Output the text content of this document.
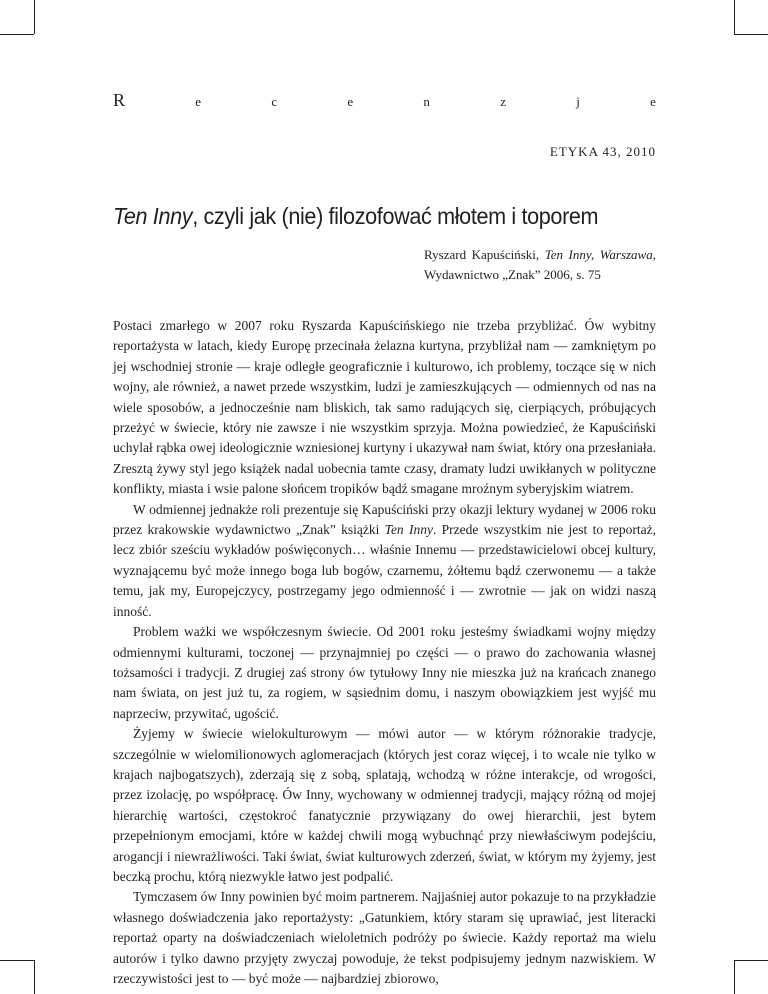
R	e	c	e	n	z	j	e
ETYKA 43, 2010
Ten Inny, czyli jak (nie) filozofować młotem i toporem
Ryszard Kapuściński, Ten Inny, Warszawa, Wydawnictwo „Znak” 2006, s. 75

Postaci zmarłego w 2007 roku Ryszarda Kapuścińskiego nie trzeba przybliżać. Ów wybitny reportażysta w latach, kiedy Europę przecinała żelazna kurtyna, przybliżał nam — zamkniętym po jej wschodniej stronie — kraje odległe geograficznie i kulturowo, ich problemy, toczące się w nich wojny, ale również, a nawet przede wszystkim, ludzi je zamieszkujących — odmiennych od nas na wiele sposobów, a jednocześnie nam bliskich, tak samo radujących się, cierpiących, próbujących przeżyć w świecie, który nie zawsze i nie wszystkim sprzyja. Można powiedzieć, że Kapuściński uchylał rąbka owej ideologicznie wzniesionej kurtyny i ukazywał nam świat, który ona przesłaniała. Zresztą żywy styl jego książek nadal uobecnia tamte czasy, dramaty ludzi uwikłanych w polityczne konflikty, miasta i wsie palone słońcem tropików bądź smagane mroźnym syberyjskim wiatrem.

W odmiennej jednakże roli prezentuje się Kapuściński przy okazji lektury wydanej w 2006 roku przez krakowskie wydawnictwo „Znak” książki Ten Inny. Przede wszystkim nie jest to reportaż, lecz zbiór sześciu wykładów poświęconych… właśnie Innemu — przedstawicielowi obcej kultury, wyznającemu być może innego boga lub bogów, czarnemu, żółtemu bądź czerwonemu — a także temu, jak my, Europejczycy, postrzegamy jego odmienność i — zwrotnie — jak on widzi naszą inność.

Problem ważki we współczesnym świecie. Od 2001 roku jesteśmy świadkami wojny między odmiennymi kulturami, toczonej — przynajmniej po części — o prawo do zachowania własnej tożsamości i tradycji. Z drugiej zaś strony ów tytułowy Inny nie mieszka już na krańcach znanego nam świata, on jest już tu, za rogiem, w sąsiednim domu, i naszym obowiązkiem jest wyjść mu naprzeciw, przywitać, ugościć.

Żyjemy w świecie wielokulturowym — mówi autor — w którym różnorakie tradycje, szczególnie w wielomilionowych aglomeracjach (których jest coraz więcej, i to wcale nie tylko w krajach najbogatszych), zderzają się z sobą, splatają, wchodzą w różne interakcje, od wrogości, przez izolację, po współpracę. Ów Inny, wychowany w odmiennej tradycji, mający różną od mojej hierarchię wartości, częstokroć fanatycznie przywiązany do owej hierarchii, jest bytem przepełnionym emocjami, które w każdej chwili mogą wybuchnąć przy niewłaściwym podejściu, arogancji i niewrażliwości. Taki świat, świat kulturowych zderzeń, świat, w którym my żyjemy, jest beczką prochu, którą niezwykle łatwo jest podpalić.

Tymczasem ów Inny powinien być moim partnerem. Najjaśniej autor pokazuje to na przykładzie własnego doświadczenia jako reportażysty: „Gatunkiem, który staram się uprawiać, jest literacki reportaż oparty na doświadczeniach wieloletnich podróży po świecie. Każdy reportaż ma wielu autorów i tylko dawno przyjęty zwyczaj powoduje, że tekst podpisujemy jednym nazwiskiem. W rzeczywistości jest to — być może — najbardziej zbiorowo,
